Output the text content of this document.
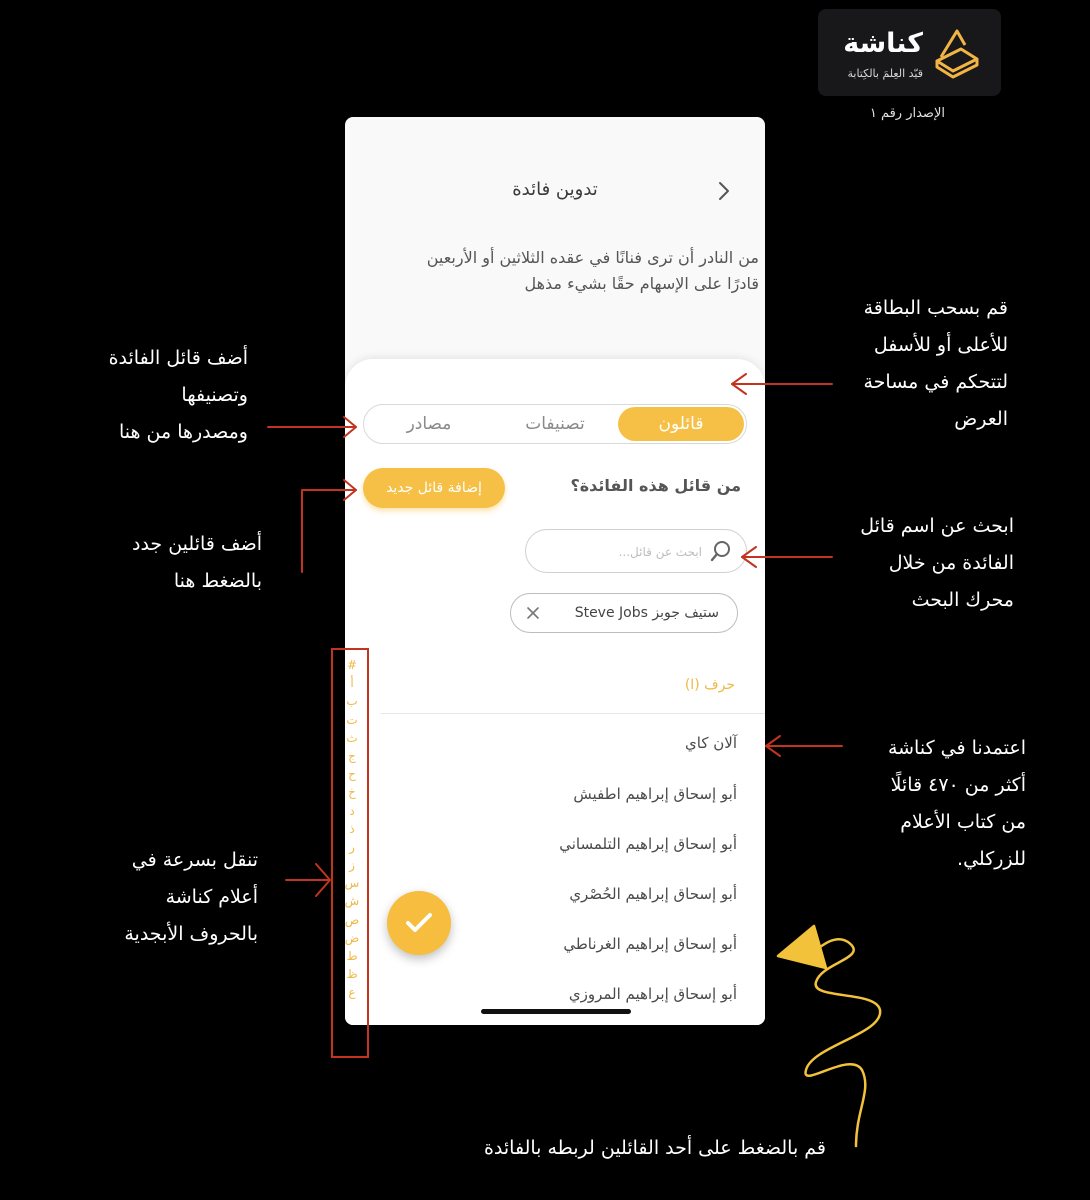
كناشة
قيّد العِلمَ بالكِتابة
الإصدار رقم ١
تدوين فائدة
من النادر أن ترى فنانًا في عقده الثلاثين أو الأربعين
قادرًا على الإسهام حقًا بشيء مذهل
قائلون
تصنيفات
مصادر
من قائل هذه الفائدة؟
إضافة قائل جديد
ابحث عن قائل...
ستيف جوبز Steve Jobs
حرف (ا)
آلان كاي
أبو إسحاق إبراهيم اطفيش
أبو إسحاق إبراهيم التلمساني
أبو إسحاق إبراهيم الحُصْري
أبو إسحاق إبراهيم الغرناطي
أبو إسحاق إبراهيم المروزي
#
أ
ب
ت
ث
ج
ح
خ
د
ذ
ر
ز
س
ش
ص
ض
ط
ظ
ع
قم بسحب البطاقة
للأعلى أو للأسفل
لتتحكم في مساحة
العرض
أضف قائل الفائدة
وتصنيفها
ومصدرها من هنا
أضف قائلين جدد
بالضغط هنا
ابحث عن اسم قائل
الفائدة من خلال
محرك البحث
اعتمدنا في كناشة
أكثر من ٤٧٠ قائلًا
من كتاب الأعلام
للزركلي.
تنقل بسرعة في
أعلام كناشة
بالحروف الأبجدية
قم بالضغط على أحد القائلين لربطه بالفائدة
